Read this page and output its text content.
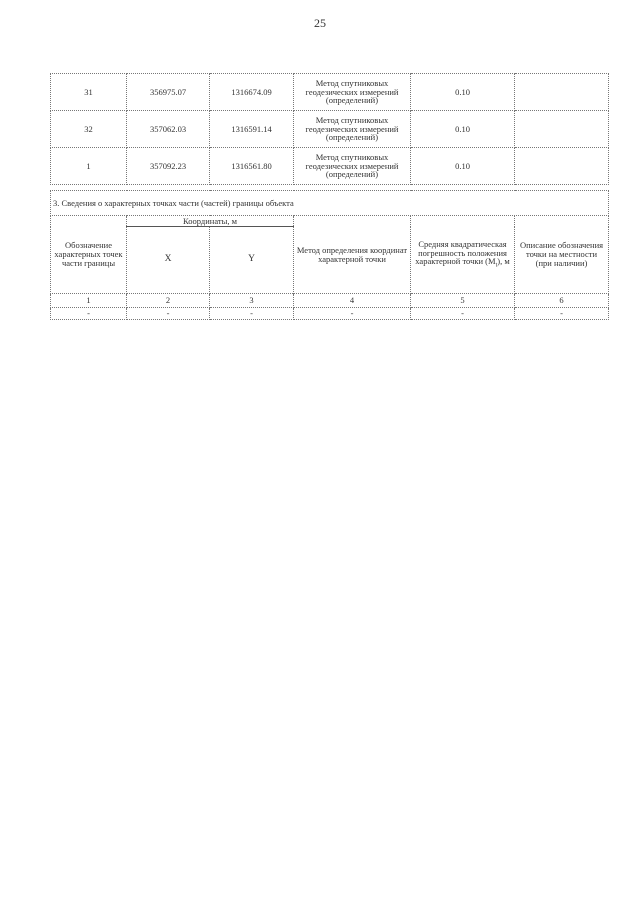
25
31	356975.07	1316674.09	Метод спутниковых геодезических измерений (определений)	0.10	
32	357062.03	1316591.14	Метод спутниковых геодезических измерений (определений)	0.10	
1	357092.23	1316561.80	Метод спутниковых геодезических измерений (определений)	0.10	
3. Сведения о характерных точках части (частей) границы объекта					
Обозначение характерных точек части границы	Координаты, м		Метод определения координат характерной точки	Средняя квадратическая погрешность положения характерной точки $(M_t)$, м	Описание обозначения точки на местности (при наличии)
	X	Y			
1	2	3	4	5	6
-	-	-	-	-	-
